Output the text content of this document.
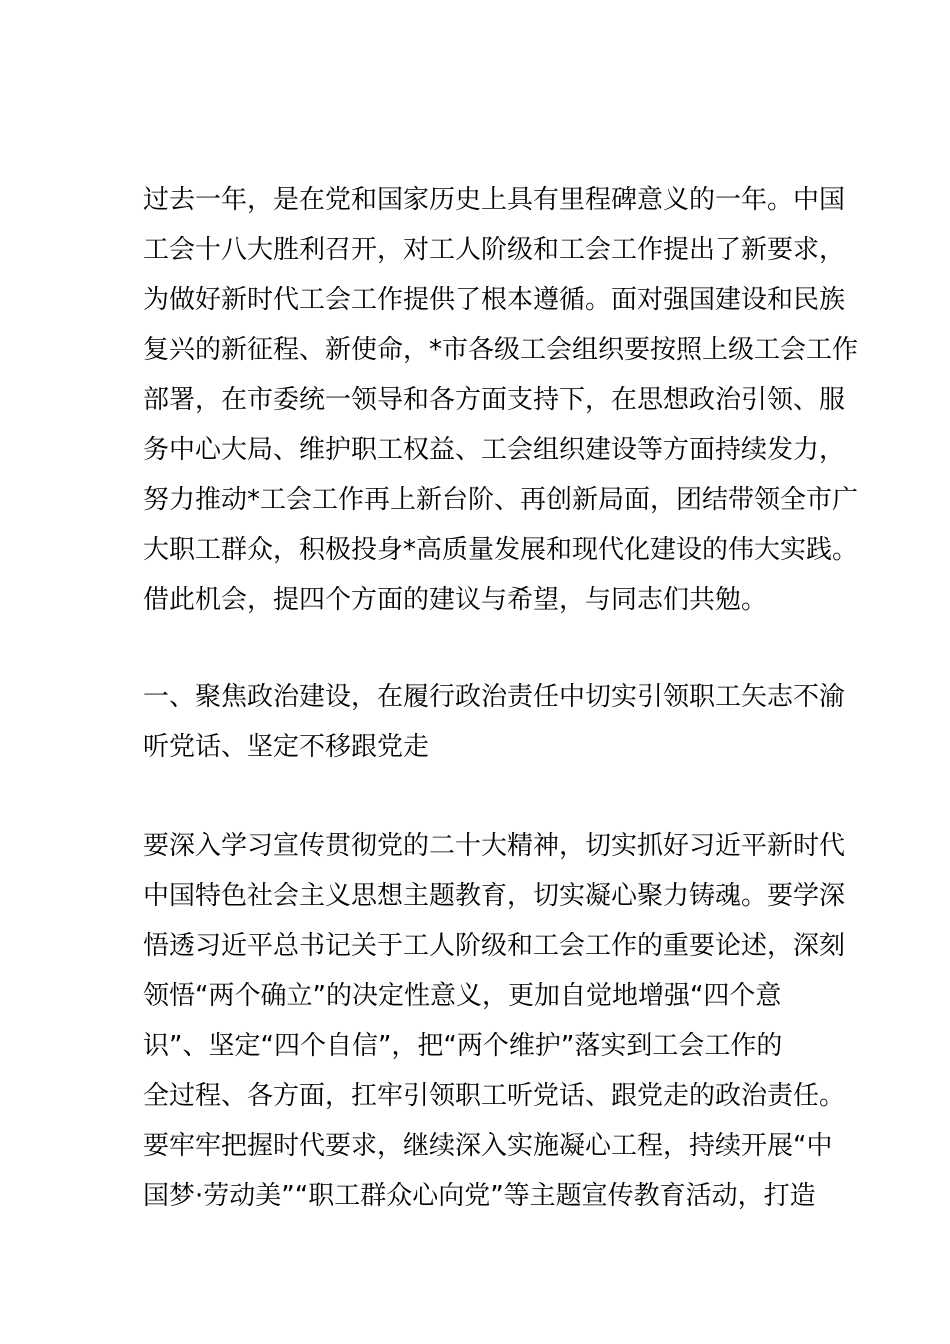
过去一年，是在党和国家历史上具有里程碑意义的一年。中国
工会十八大胜利召开，对工人阶级和工会工作提出了新要求，
为做好新时代工会工作提供了根本遵循。面对强国建设和民族
复兴的新征程、新使命，*市各级工会组织要按照上级工会工作
部署，在市委统一领导和各方面支持下，在思想政治引领、服
务中心大局、维护职工权益、工会组织建设等方面持续发力，
努力推动*工会工作再上新台阶、再创新局面，团结带领全市广
大职工群众，积极投身*高质量发展和现代化建设的伟大实践。
借此机会，提四个方面的建议与希望，与同志们共勉。
一、聚焦政治建设，在履行政治责任中切实引领职工矢志不渝
听党话、坚定不移跟党走
要深入学习宣传贯彻党的二十大精神，切实抓好习近平新时代
中国特色社会主义思想主题教育，切实凝心聚力铸魂。要学深
悟透习近平总书记关于工人阶级和工会工作的重要论述，深刻
领悟“两个确立”的决定性意义，更加自觉地增强“四个意
识”、坚定“四个自信”，把“两个维护”落实到工会工作的
全过程、各方面，扛牢引领职工听党话、跟党走的政治责任。
要牢牢把握时代要求，继续深入实施凝心工程，持续开展“中
国梦·劳动美”“职工群众心向党”等主题宣传教育活动，打造
